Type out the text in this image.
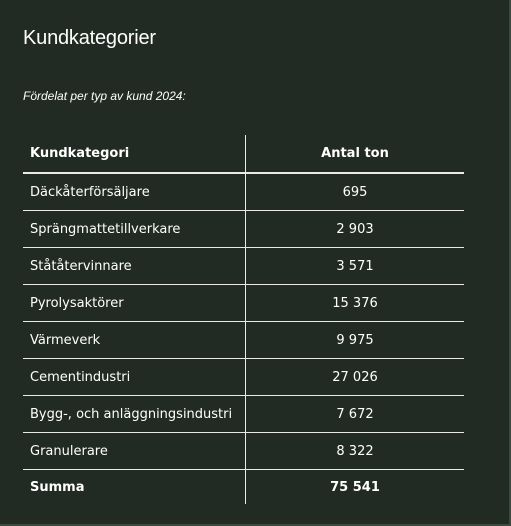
Kundkategorier

Fördelat per typ av kund 2024:

Kundkategori	Antal ton
Däckåterförsäljare	695
Sprängmattetillverkare	2 903
Ståtåtervinnare	3 571
Pyrolysaktörer	15 376
Värmeverk	9 975
Cementindustri	27 026
Bygg-, och anläggningsindustri	7 672
Granulerare	8 322
Summa	75 541
